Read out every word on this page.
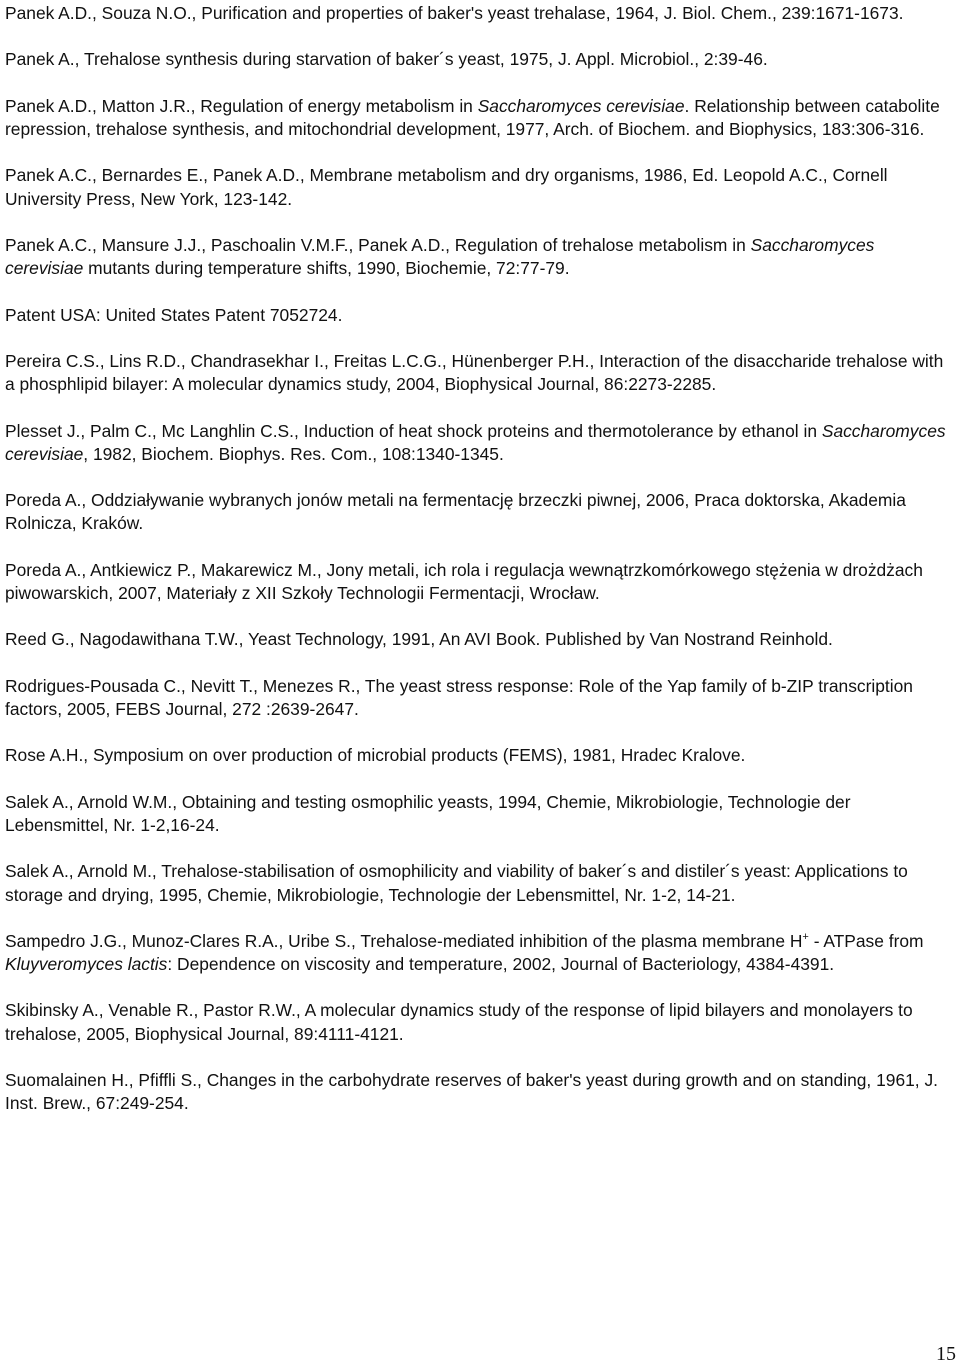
Panek A.D., Souza N.O., Purification and properties of baker's yeast trehalase, 1964, J. Biol. Chem., 239:1671-1673.

Panek A., Trehalose synthesis during starvation of baker´s yeast, 1975, J. Appl. Microbiol., 2:39-46.

Panek A.D., Matton J.R., Regulation of energy metabolism in Saccharomyces cerevisiae. Relationship between catabolite repression, trehalose synthesis, and mitochondrial development, 1977, Arch. of Biochem. and Biophysics, 183:306-316.

Panek A.C., Bernardes E., Panek A.D., Membrane metabolism and dry organisms, 1986, Ed. Leopold A.C., Cornell University Press, New York, 123-142.

Panek A.C., Mansure J.J., Paschoalin V.M.F., Panek A.D., Regulation of trehalose metabolism in Saccharomyces cerevisiae mutants during temperature shifts, 1990, Biochemie, 72:77-79.

Patent USA: United States Patent 7052724.

Pereira C.S., Lins R.D., Chandrasekhar I., Freitas L.C.G., Hünenberger P.H., Interaction of the disaccharide trehalose with a phosphlipid bilayer: A molecular dynamics study, 2004, Biophysical Journal, 86:2273-2285.

Plesset J., Palm C., Mc Langhlin C.S., Induction of heat shock proteins and thermotolerance by ethanol in Saccharomyces cerevisiae, 1982, Biochem. Biophys. Res. Com., 108:1340-1345.

Poreda A., Oddziaływanie wybranych jonów metali na fermentację brzeczki piwnej, 2006, Praca doktorska, Akademia Rolnicza, Kraków.

Poreda A., Antkiewicz P., Makarewicz M., Jony metali, ich rola i regulacja wewnątrzkomórkowego stężenia w drożdżach piwowarskich, 2007, Materiały z XII Szkoły Technologii Fermentacji, Wrocław.

Reed G., Nagodawithana T.W., Yeast Technology, 1991, An AVI Book. Published by Van Nostrand Reinhold.

Rodrigues-Pousada C., Nevitt T., Menezes R., The yeast stress response: Role of the Yap family of b-ZIP transcription factors, 2005, FEBS Journal, 272 :2639-2647.

Rose A.H., Symposium on over production of microbial products (FEMS), 1981, Hradec Kralove.

Salek A., Arnold W.M., Obtaining and testing osmophilic yeasts, 1994, Chemie, Mikrobiologie, Technologie der Lebensmittel, Nr. 1-2,16-24.

Salek A., Arnold M., Trehalose-stabilisation of osmophilicity and viability of baker´s and distiler´s yeast: Applications to storage and drying, 1995, Chemie, Mikrobiologie, Technologie der Lebensmittel, Nr. 1-2, 14-21.

Sampedro J.G., Munoz-Clares R.A., Uribe S., Trehalose-mediated inhibition of the plasma membrane H+ - ATPase from Kluyveromyces lactis: Dependence on viscosity and temperature, 2002, Journal of Bacteriology, 4384-4391.

Skibinsky A., Venable R., Pastor R.W., A molecular dynamics study of the response of lipid bilayers and monolayers to trehalose, 2005, Biophysical Journal, 89:4111-4121.

Suomalainen H., Pfiffli S., Changes in the carbohydrate reserves of baker's yeast during growth and on standing, 1961, J. Inst. Brew., 67:249-254.

15
